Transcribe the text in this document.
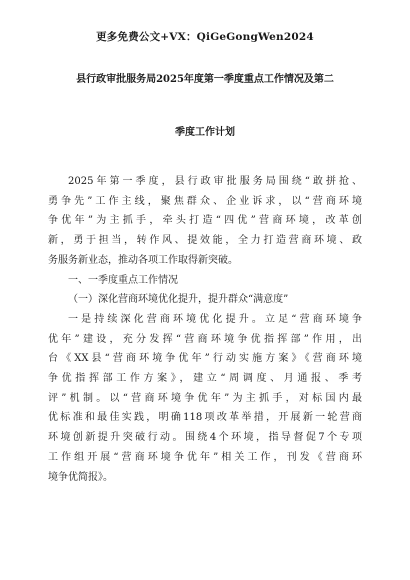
更多免费公文+VX：QiGeGongWen2024
县行政审批服务局2025年度第一季度重点工作情况及第二
季度工作计划
2025年第一季度，县行政审批服务局围绕“敢拼抢、
勇争先”工作主线，聚焦群众、企业诉求，以“营商环境
争优年”为主抓手，牵头打造“四优”营商环境，改革创
新，勇于担当，转作风、提效能，全力打造营商环境、政
务服务新业态，推动各项工作取得新突破。
一、一季度重点工作情况
（一）深化营商环境优化提升，提升群众“满意度”
一是持续深化营商环境优化提升。立足“营商环境争
优年”建设，充分发挥“营商环境争优指挥部”作用，出
台《XX县“营商环境争优年”行动实施方案》《营商环境
争优指挥部工作方案》，建立“周调度、月通报、季考
评”机制。以“营商环境争优年”为主抓手，对标国内最
优标准和最佳实践，明确118项改革举措，开展新一轮营商
环境创新提升突破行动。围绕4个环境，指导督促7个专项
工作组开展“营商环境争优年”相关工作，刊发《营商环
境争优简报》。
